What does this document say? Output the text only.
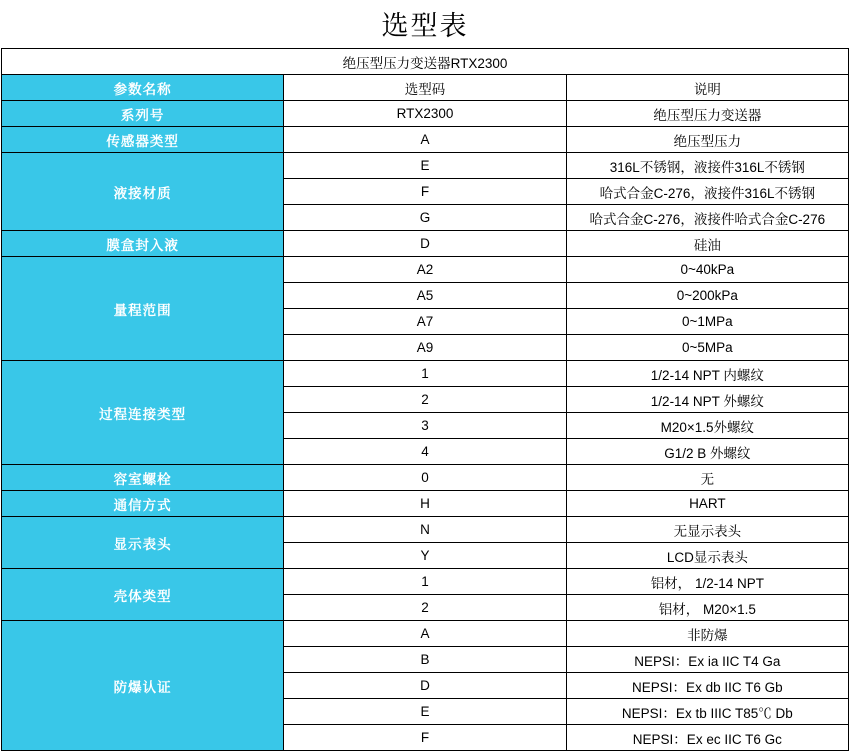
选型表
绝压型压力变送器RTX2300		
参数名称	选型码	说明
系列号	RTX2300	绝压型压力变送器
传感器类型	A	绝压型压力
液接材质	E	316L不锈钢，液接件316L不锈钢
	F	哈式合金C-276，液接件316L不锈钢
	G	哈式合金C-276，液接件哈式合金C-276
膜盒封入液	D	硅油
量程范围	A2	0~40kPa
	A5	0~200kPa
	A7	0~1MPa
	A9	0~5MPa
过程连接类型	1	1/2-14 NPT 内螺纹
	2	1/2-14 NPT 外螺纹
	3	M20×1.5外螺纹
	4	G1/2 B 外螺纹
容室螺栓	0	无
通信方式	H	HART
显示表头	N	无显示表头
	Y	LCD显示表头
壳体类型	1	铝材， 1/2-14 NPT
	2	铝材， M20×1.5
防爆认证	A	非防爆
	B	NEPSI：Ex ia IIC T4 Ga
	D	NEPSI：Ex db IIC T6 Gb
	E	NEPSI：Ex tb IIIC T85℃ Db
	F	NEPSI：Ex ec IIC T6 Gc
